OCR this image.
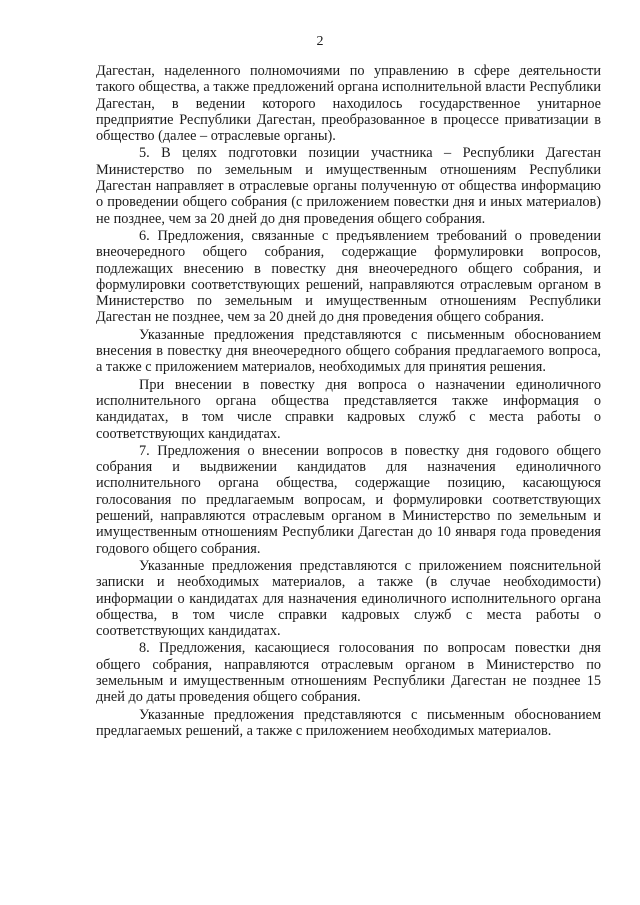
2

Дагестан, наделенного полномочиями по управлению в сфере деятельности такого общества, а также предложений органа исполнительной власти Республики Дагестан, в ведении которого находилось государственное унитарное предприятие Республики Дагестан, преобразованное в процессе приватизации в общество (далее – отраслевые органы).

5. В целях подготовки позиции участника – Республики Дагестан Министерство по земельным и имущественным отношениям Республики Дагестан направляет в отраслевые органы полученную от общества информацию о проведении общего собрания (с приложением повестки дня и иных материалов) не позднее, чем за 20 дней до дня проведения общего собрания.

6. Предложения, связанные с предъявлением требований о проведении внеочередного общего собрания, содержащие формулировки вопросов, подлежащих внесению в повестку дня внеочередного общего собрания, и формулировки соответствующих решений, направляются отраслевым органом в Министерство по земельным и имущественным отношениям Республики Дагестан не позднее, чем за 20 дней до дня проведения общего собрания.

Указанные предложения представляются с письменным обоснованием внесения в повестку дня внеочередного общего собрания предлагаемого вопроса, а также с приложением материалов, необходимых для принятия решения.

При внесении в повестку дня вопроса о назначении единоличного исполнительного органа общества представляется также информация о кандидатах, в том числе справки кадровых служб с места работы о соответствующих кандидатах.

7. Предложения о внесении вопросов в повестку дня годового общего собрания и выдвижении кандидатов для назначения единоличного исполнительного органа общества, содержащие позицию, касающуюся голосования по предлагаемым вопросам, и формулировки соответствующих решений, направляются отраслевым органом в Министерство по земельным и имущественным отношениям Республики Дагестан до 10 января года проведения годового общего собрания.

Указанные предложения представляются с приложением пояснительной записки и необходимых материалов, а также (в случае необходимости) информации о кандидатах для назначения единоличного исполнительного органа общества, в том числе справки кадровых служб с места работы о соответствующих кандидатах.

8. Предложения, касающиеся голосования по вопросам повестки дня общего собрания, направляются отраслевым органом в Министерство по земельным и имущественным отношениям Республики Дагестан не позднее 15 дней до даты проведения общего собрания.

Указанные предложения представляются с письменным обоснованием предлагаемых решений, а также с приложением необходимых материалов.
